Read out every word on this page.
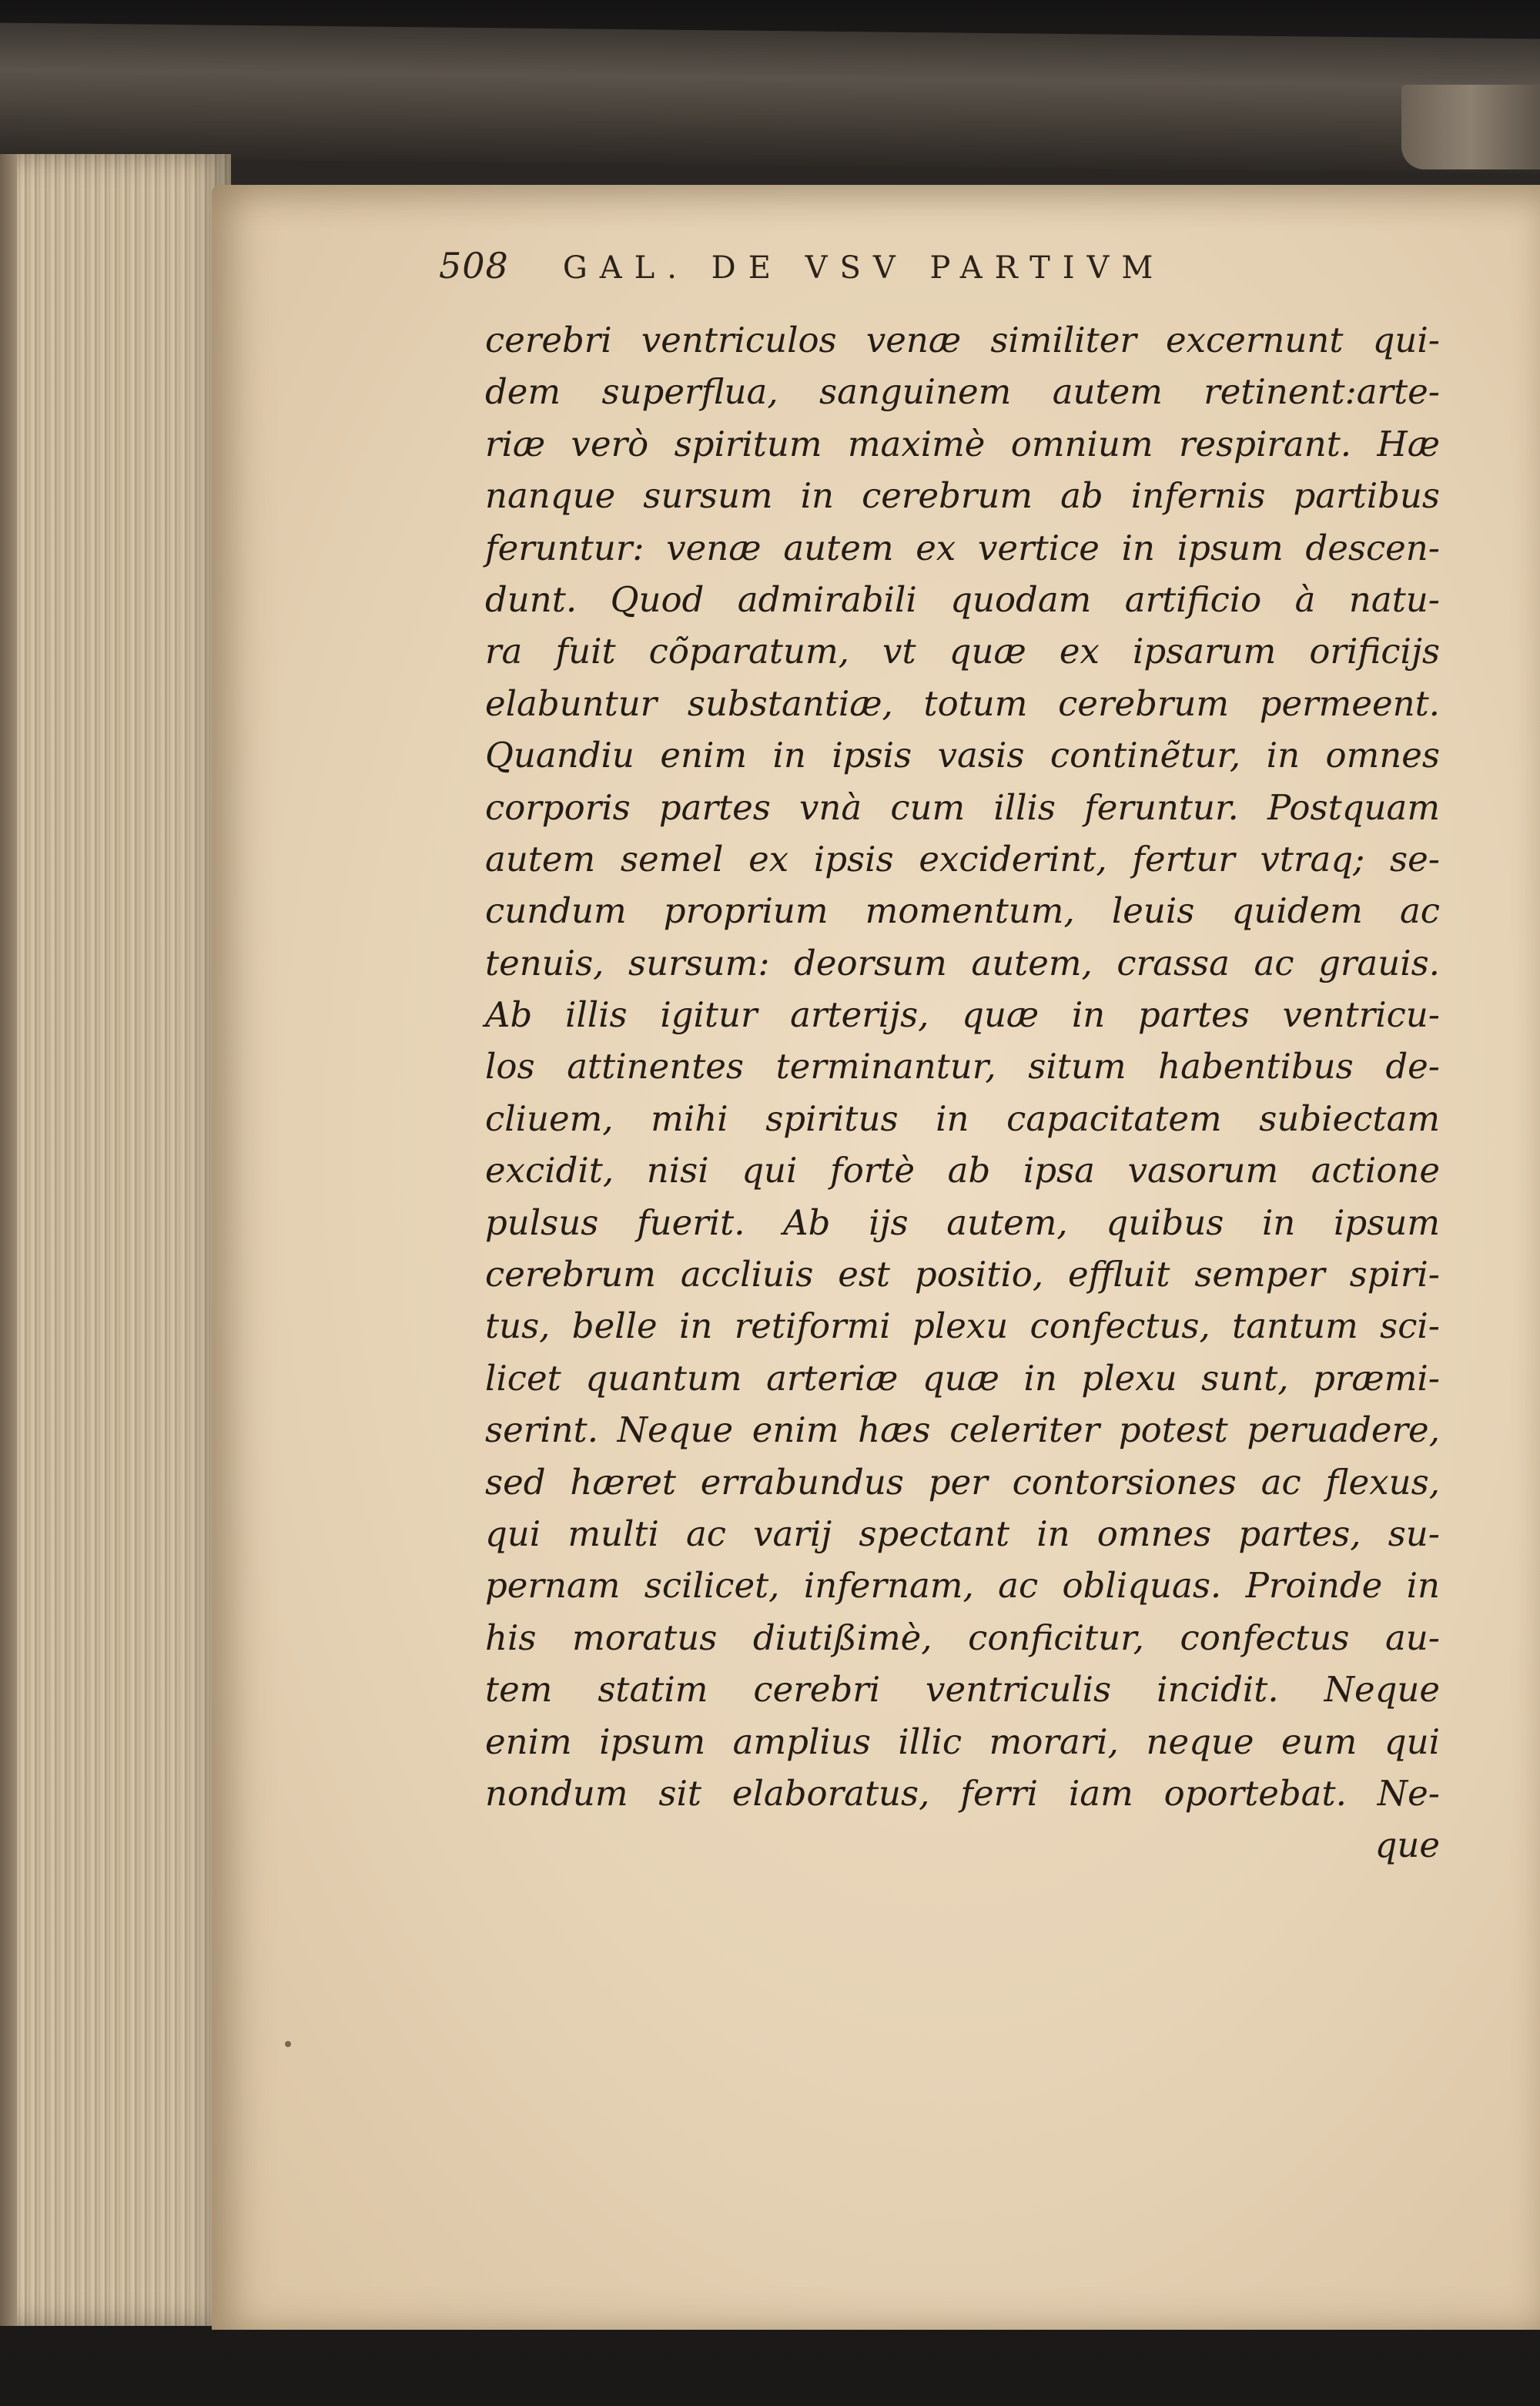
508 GAL. DE VSV PARTIVM
cerebri ventriculos venæ similiter excernunt qui-
dem superflua, sanguinem autem retinent:arte-
riæ verò spiritum maximè omnium respirant. Hæ
nanque sursum in cerebrum ab infernis partibus
feruntur: venæ autem ex vertice in ipsum descen-
dunt. Quod admirabili quodam artificio à natu-
ra fuit cõparatum, vt quæ ex ipsarum orificijs
elabuntur substantiæ, totum cerebrum permeent.
Quandiu enim in ipsis vasis continẽtur, in omnes
corporis partes vnà cum illis feruntur. Postquam
autem semel ex ipsis exciderint, fertur vtraq; se-
cundum proprium momentum, leuis quidem ac
tenuis, sursum: deorsum autem, crassa ac grauis.
Ab illis igitur arterijs, quæ in partes ventricu-
los attinentes terminantur, situm habentibus de-
cliuem, mihi spiritus in capacitatem subiectam
excidit, nisi qui fortè ab ipsa vasorum actione
pulsus fuerit. Ab ijs autem, quibus in ipsum
cerebrum accliuis est positio, effluit semper spiri-
tus, belle in retiformi plexu confectus, tantum sci-
licet quantum arteriæ quæ in plexu sunt, præmi-
serint. Neque enim hæs celeriter potest peruadere,
sed hæret errabundus per contorsiones ac flexus,
qui multi ac varij spectant in omnes partes, su-
pernam scilicet, infernam, ac obliquas. Proinde in
his moratus diutißimè, conficitur, confectus au-
tem statim cerebri ventriculis incidit. Neque
enim ipsum amplius illic morari, neque eum qui
nondum sit elaboratus, ferri iam oportebat. Ne-
que
